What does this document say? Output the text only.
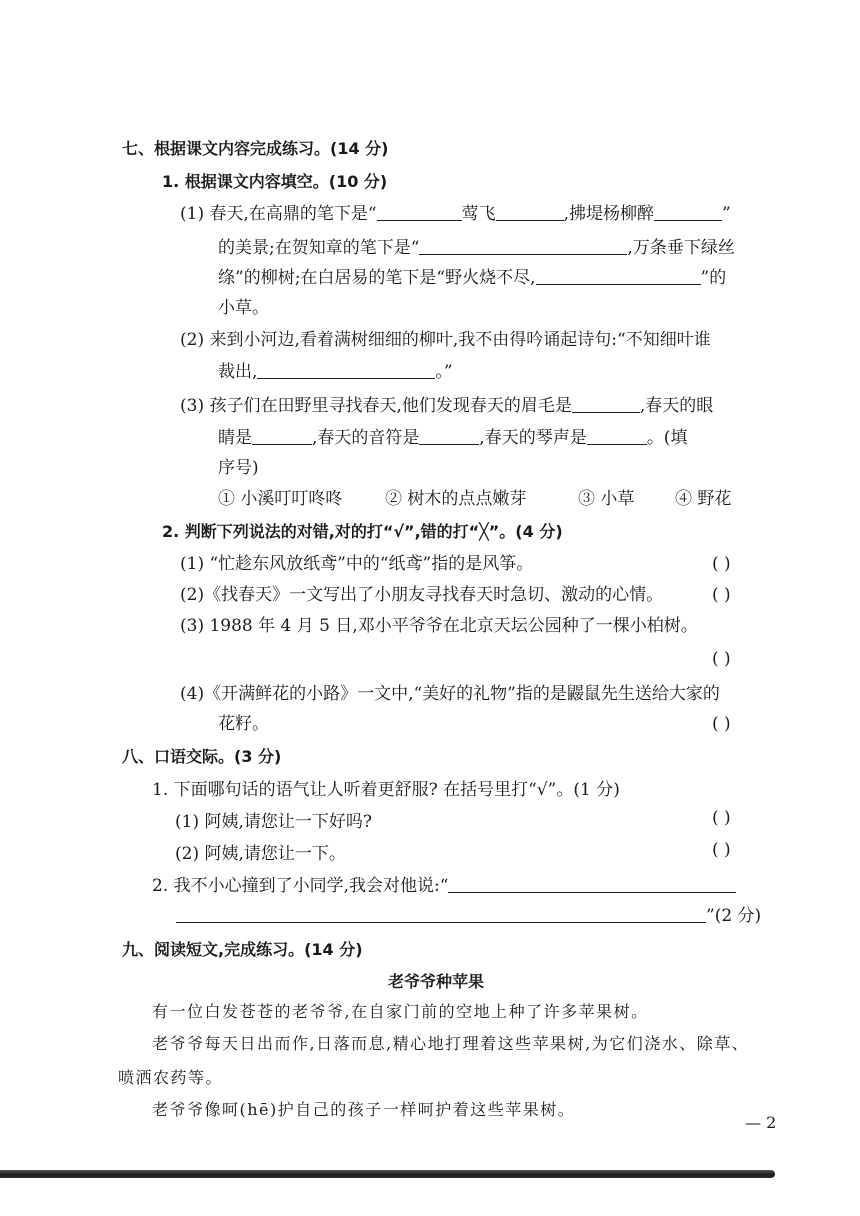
七、根据课文内容完成练习。(14 分)
1. 根据课文内容填空。(10 分)
(1) 春天,在高鼎的笔下是“	莺飞	,拂堤杨柳醉	”
的美景;在贺知章的笔下是“	,万条垂下绿丝
绦”的柳树;在白居易的笔下是“野火烧不尽,	”的
小草。
(2) 来到小河边,看着满树细细的柳叶,我不由得吟诵起诗句:“不知细叶谁
裁出,	。”
(3) 孩子们在田野里寻找春天,他们发现春天的眉毛是	,春天的眼
睛是	,春天的音符是	,春天的琴声是	。(填
序号)
① 小溪叮叮咚咚	② 树木的点点嫩芽	③ 小草 ④ 野花
2. 判断下列说法的对错,对的打“√”,错的打“╳”。(4 分)
(1) “忙趁东风放纸鸢”中的“纸鸢”指的是风筝。	( )
(2)《找春天》一文写出了小朋友寻找春天时急切、激动的心情。	( )
(3) 1988 年 4 月 5 日,邓小平爷爷在北京天坛公园种了一棵小柏树。
( )
(4)《开满鲜花的小路》一文中,“美好的礼物”指的是鼹鼠先生送给大家的
花籽。	( )
八、口语交际。(3 分)
1. 下面哪句话的语气让人听着更舒服? 在括号里打“√”。(1 分)
(1) 阿姨,请您让一下好吗?	( )
(2) 阿姨,请您让一下。	( )
2. 我不小心撞到了小同学,我会对他说:“
”(2 分)
九、阅读短文,完成练习。(14 分)
老爷爷种苹果
有一位白发苍苍的老爷爷,在自家门前的空地上种了许多苹果树。
老爷爷每天日出而作,日落而息,精心地打理着这些苹果树,为它们浇水、除草、
喷洒农药等。
老爷爷像呵(hē)护自己的孩子一样呵护着这些苹果树。
— 2
